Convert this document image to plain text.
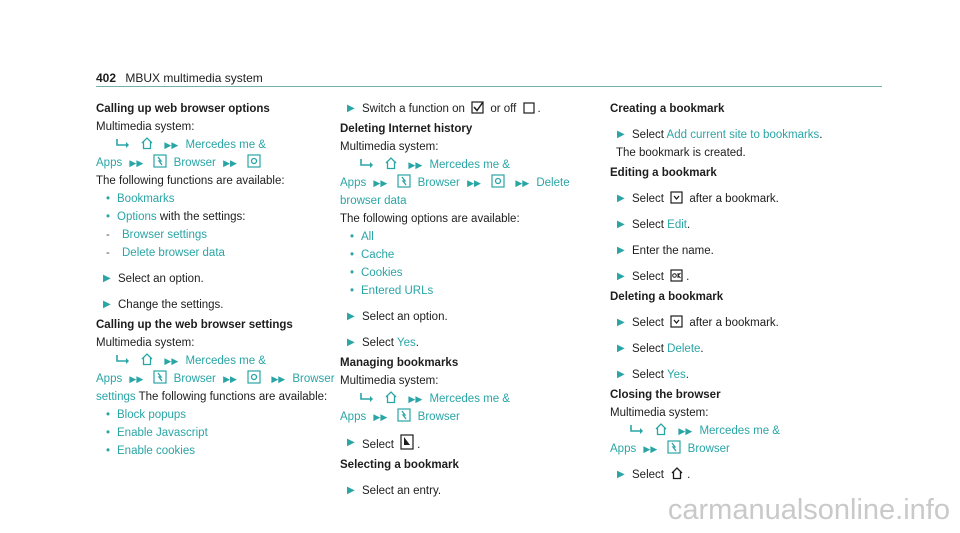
402 MBUX multimedia system
Calling up web browser options
Multimedia system:

▶▶ Mercedes me &
Apps ▶▶	Browser ▶▶
The following functions are available:
• Bookmarks
• Options with the settings:
- Browser settings
- Delete browser data
▶ Select an option.
▶ Change the settings.
Calling up the web browser settings
Multimedia system:

▶▶ Mercedes me &
Apps ▶▶	Browser ▶▶	▶▶ Browser
settings The following functions are available:
• Block popups
• Enable Javascript
• Enable cookies
▶ Switch a function on or off .
Deleting Internet history
Multimedia system:

▶▶ Mercedes me &
Apps ▶▶	Browser ▶▶	▶▶ Delete
browser data The following options are available:
• All
• Cache
• Cookies
• Entered URLs
▶ Select an option.
▶ Select Yes.
Managing bookmarks
Multimedia system:

▶▶ Mercedes me &
Apps ▶▶	Browser
▶ Select .
Selecting a bookmark
▶ Select an entry.
Creating a bookmark
▶ Select Add current site to bookmarks.
The bookmark is created.
Editing a bookmark
▶ Select after a bookmark.
▶ Select Edit.
▶ Enter the name.
▶ Select .
Deleting a bookmark
▶ Select after a bookmark.
▶ Select Delete.
▶ Select Yes.
Closing the browser
Multimedia system:

▶▶ Mercedes me &
Apps ▶▶	Browser
▶ Select .
carmanualsonline.info
